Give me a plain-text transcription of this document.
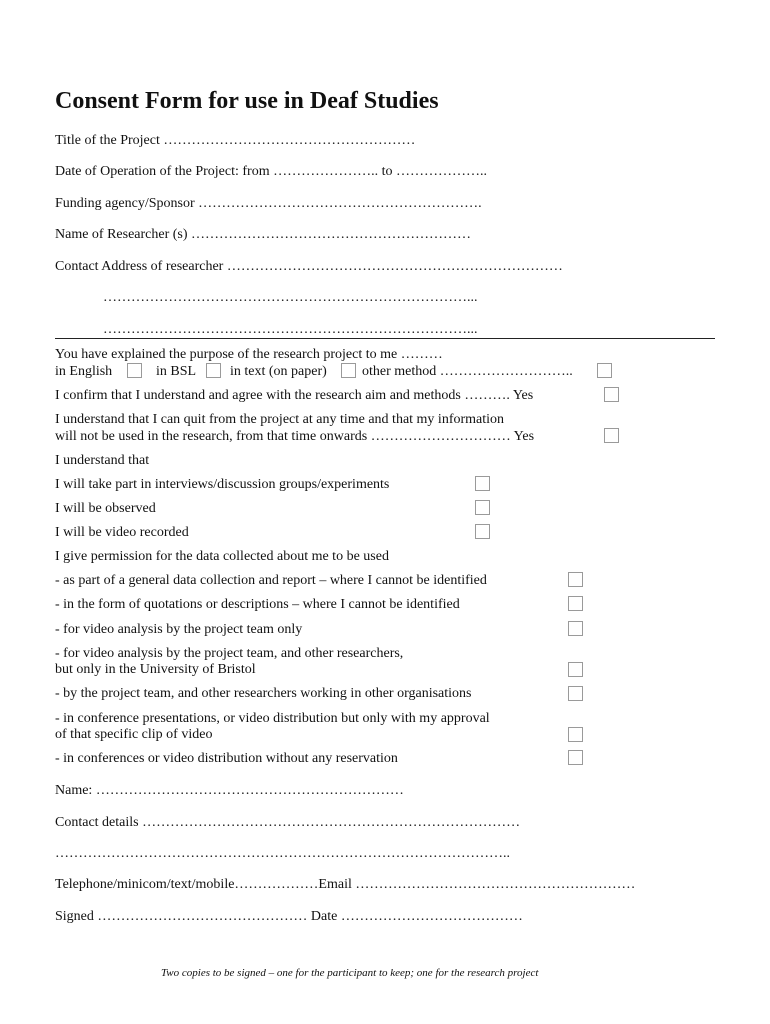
Consent Form for use in Deaf Studies
Title of the Project ………………………………………………
Date of Operation of the Project: from ………………….. to ………………..
Funding agency/Sponsor …………………………………………………….
Name of Researcher (s) ……………………………………………………
Contact Address of researcher ………………………………………………………………
……………………………………………………………………...
……………………………………………………………………...
You have explained the purpose of the research project to me ………
in English	in BSL in text (on paper)	other method ………………………..
I confirm that I understand and agree with the research aim and methods ………. Yes
I understand that I can quit from the project at any time and that my information
will not be used in the research, from that time onwards ………………………… Yes
I understand that
I will take part in interviews/discussion groups/experiments
I will be observed
I will be video recorded
I give permission for the data collected about me to be used
- as part of a general data collection and report – where I cannot be identified
- in the form of quotations or descriptions – where I cannot be identified
- for video analysis by the project team only
- for video analysis by the project team, and other researchers,
but only in the University of Bristol
- by the project team, and other researchers working in other organisations
- in conference presentations, or video distribution but only with my approval
of that specific clip of video
- in conferences or video distribution without any reservation
Name: …………………………………………………………
Contact details ………………………………………………………………………
……………………………………………………………………………………..
Telephone/minicom/text/mobile………………Email ……………………………………………………
Signed ……………………………………… Date …………………………………
Two copies to be signed – one for the participant to keep; one for the research project
